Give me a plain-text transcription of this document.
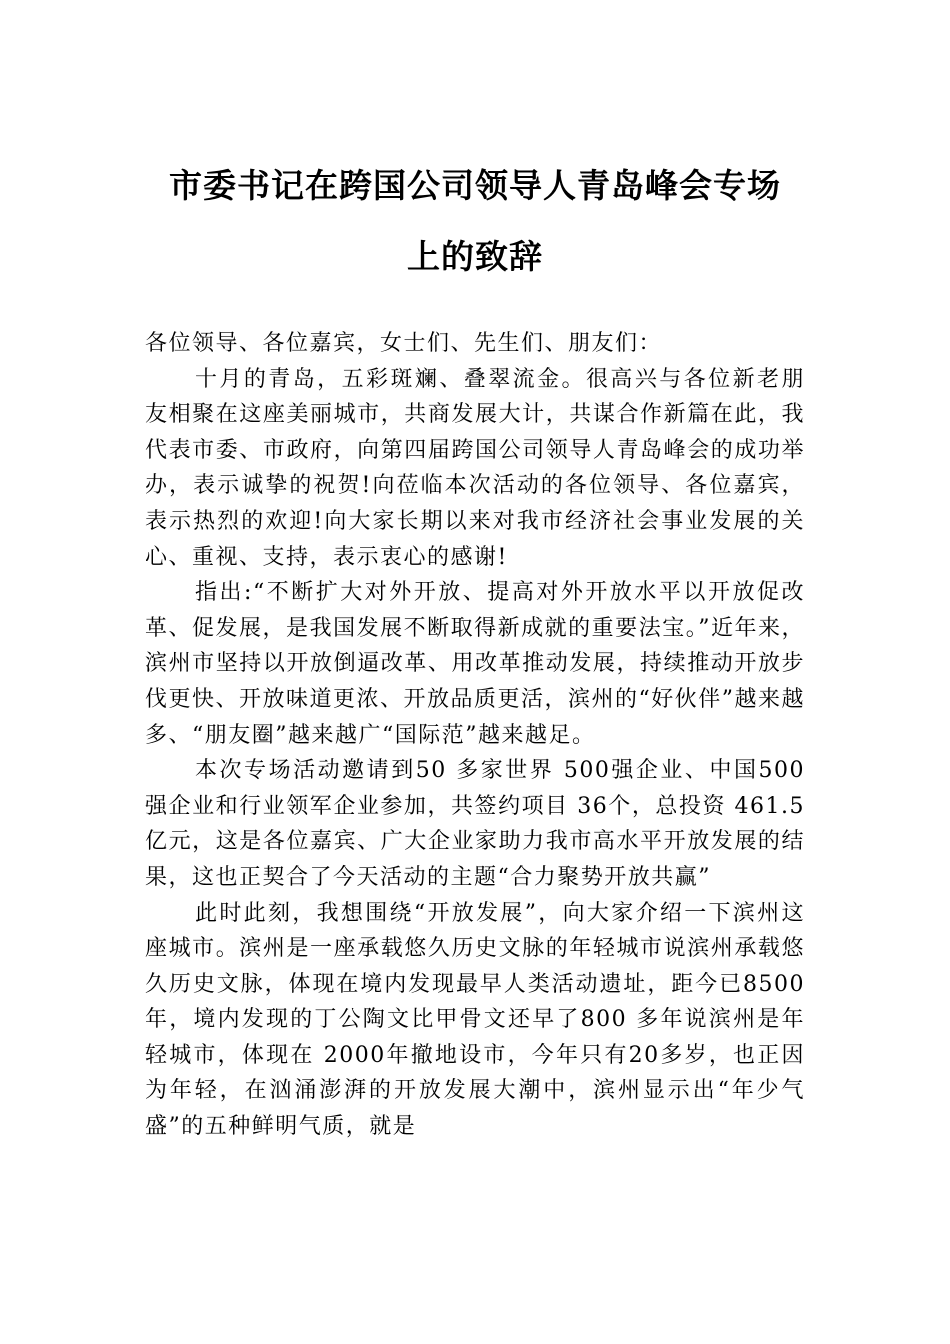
市委书记在跨国公司领导人青岛峰会专场
上的致辞

各位领导、各位嘉宾，女士们、先生们、朋友们：

十月的青岛，五彩斑斓、叠翠流金。很高兴与各位新老朋友相聚在这座美丽城市，共商发展大计，共谋合作新篇在此，我代表市委、市政府，向第四届跨国公司领导人青岛峰会的成功举办，表示诚挚的祝贺!向莅临本次活动的各位领导、各位嘉宾，表示热烈的欢迎!向大家长期以来对我市经济社会事业发展的关心、重视、支持，表示衷心的感谢!

指出:“不断扩大对外开放、提高对外开放水平以开放促改革、促发展，是我国发展不断取得新成就的重要法宝。”近年来，滨州市坚持以开放倒逼改革、用改革推动发展，持续推动开放步伐更快、开放味道更浓、开放品质更活，滨州的“好伙伴”越来越多、“朋友圈”越来越广“国际范”越来越足。

本次专场活动邀请到50 多家世界 500强企业、中国500强企业和行业领军企业参加，共签约项目 36个，总投资 461.5亿元，这是各位嘉宾、广大企业家助力我市高水平开放发展的结果，这也正契合了今天活动的主题“合力聚势开放共赢”

此时此刻，我想围绕“开放发展”，向大家介绍一下滨州这座城市。滨州是一座承载悠久历史文脉的年轻城市说滨州承载悠久历史文脉，体现在境内发现最早人类活动遗址，距今已8500年，境内发现的丁公陶文比甲骨文还早了800 多年说滨州是年轻城市，体现在 2000年撤地设市，今年只有20多岁，也正因为年轻，在汹涌澎湃的开放发展大潮中，滨州显示出“年少气盛”的五种鲜明气质，就是
